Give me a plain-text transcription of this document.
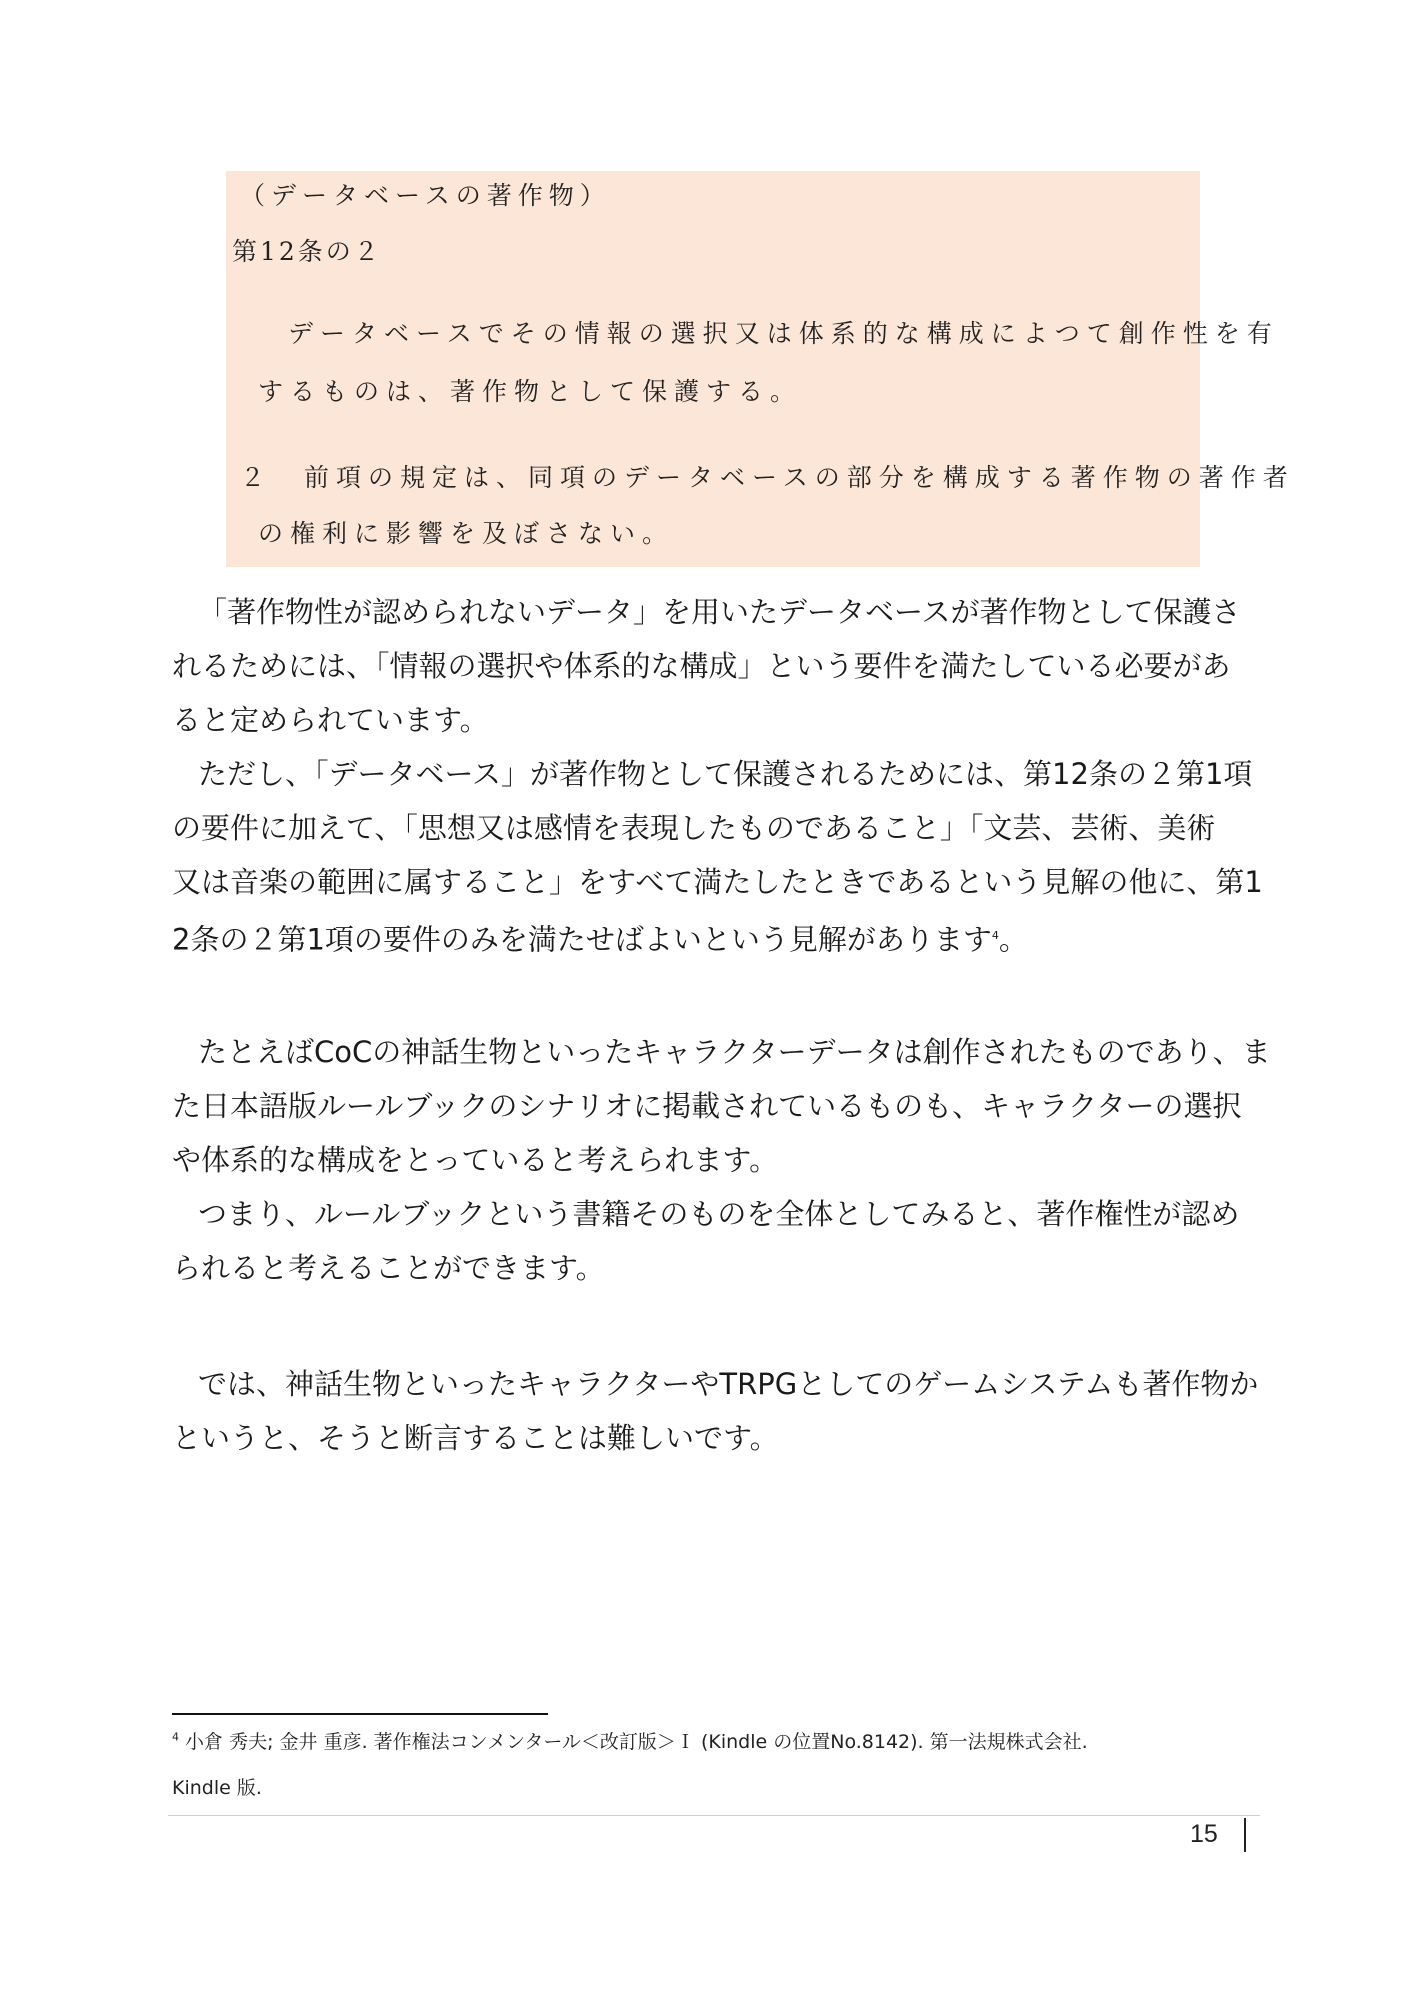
（データベースの著作物）

第12条の２

データベースでその情報の選択又は体系的な構成によつて創作性を有

するものは、著作物として保護する。

２　前項の規定は、同項のデータベースの部分を構成する著作物の著作者

の権利に影響を及ぼさない。

「著作物性が認められないデータ」を用いたデータベースが著作物として保護さ

れるためには、「情報の選択や体系的な構成」という要件を満たしている必要があ

ると定められています。

ただし、「データベース」が著作物として保護されるためには、第12条の２第1項

の要件に加えて、「思想又は感情を表現したものであること」「文芸、芸術、美術

又は音楽の範囲に属すること」をすべて満たしたときであるという見解の他に、第1

2条の２第1項の要件のみを満たせばよいという見解があります$^4$。

たとえばCoCの神話生物といったキャラクターデータは創作されたものであり、ま

た日本語版ルールブックのシナリオに掲載されているものも、キャラクターの選択

や体系的な構成をとっていると考えられます。

つまり、ルールブックという書籍そのものを全体としてみると、著作権性が認め

られると考えることができます。

では、神話生物といったキャラクターやTRPGとしてのゲームシステムも著作物か

というと、そうと断言することは難しいです。

$^4$ 小倉 秀夫; 金井 重彦. 著作権法コンメンタール＜改訂版＞Ｉ (Kindle の位置No.8142). 第一法規株式会社.

Kindle 版.

15
